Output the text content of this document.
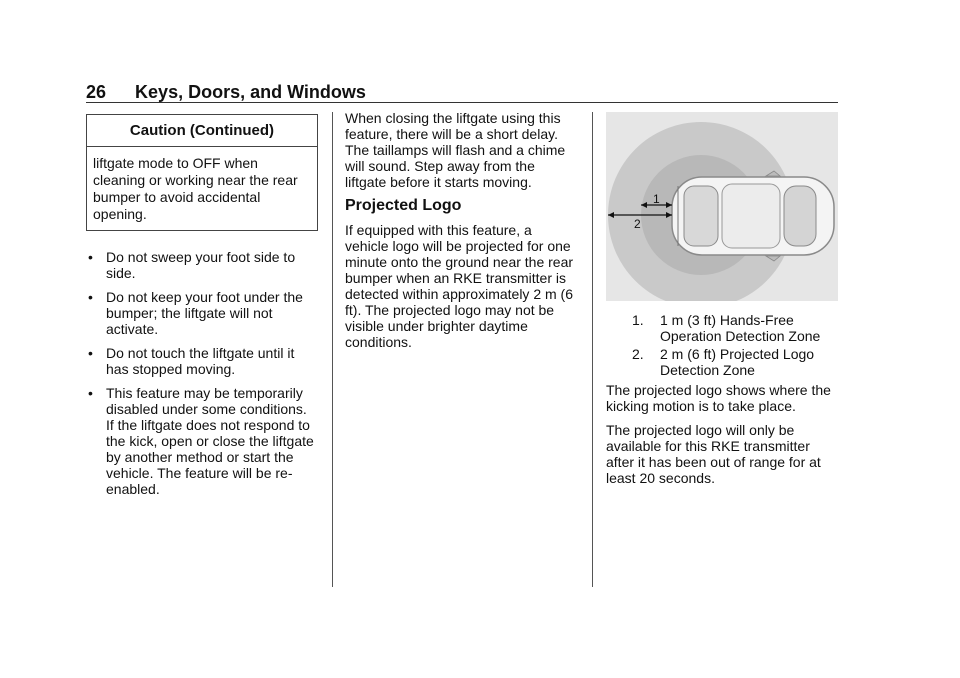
26 Keys, Doors, and Windows
Caution (Continued)
liftgate mode to OFF when cleaning or working near the rear bumper to avoid accidental opening.
• Do not sweep your foot side to side.
• Do not keep your foot under the bumper; the liftgate will not activate.
• Do not touch the liftgate until it has stopped moving.
• This feature may be temporarily disabled under some conditions. If the liftgate does not respond to the kick, open or close the liftgate by another method or start the vehicle. The feature will be re-enabled.

When closing the liftgate using this feature, there will be a short delay. The taillamps will flash and a chime will sound. Step away from the liftgate before it starts moving.

Projected Logo

If equipped with this feature, a vehicle logo will be projected for one minute onto the ground near the rear bumper when an RKE transmitter is detected within approximately 2 m (6 ft). The projected logo may not be visible under brighter daytime conditions.

1
2
1. 1 m (3 ft) Hands-Free Operation Detection Zone
2. 2 m (6 ft) Projected Logo Detection Zone

The projected logo shows where the kicking motion is to take place.

The projected logo will only be available for this RKE transmitter after it has been out of range for at least 20 seconds.
